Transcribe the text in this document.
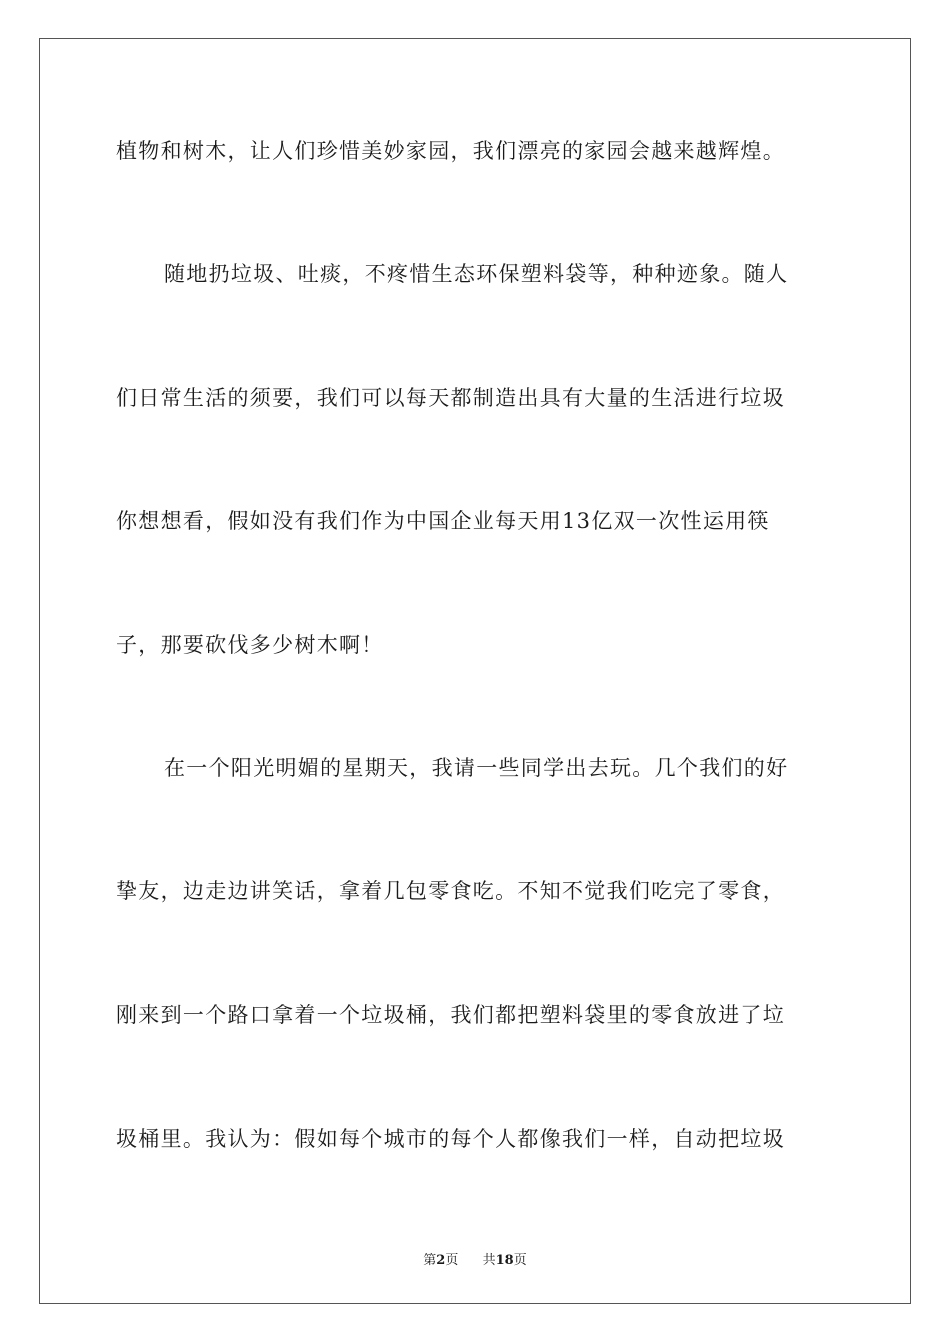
植物和树木，让人们珍惜美妙家园，我们漂亮的家园会越来越辉煌。
随地扔垃圾、吐痰，不疼惜生态环保塑料袋等，种种迹象。随人
们日常生活的须要，我们可以每天都制造出具有大量的生活进行垃圾
你想想看，假如没有我们作为中国企业每天用13亿双一次性运用筷
子，那要砍伐多少树木啊！
在一个阳光明媚的星期天，我请一些同学出去玩。几个我们的好
挚友，边走边讲笑话，拿着几包零食吃。不知不觉我们吃完了零食，
刚来到一个路口拿着一个垃圾桶，我们都把塑料袋里的零食放进了垃
圾桶里。我认为：假如每个城市的每个人都像我们一样，自动把垃圾
第2页 共18页
